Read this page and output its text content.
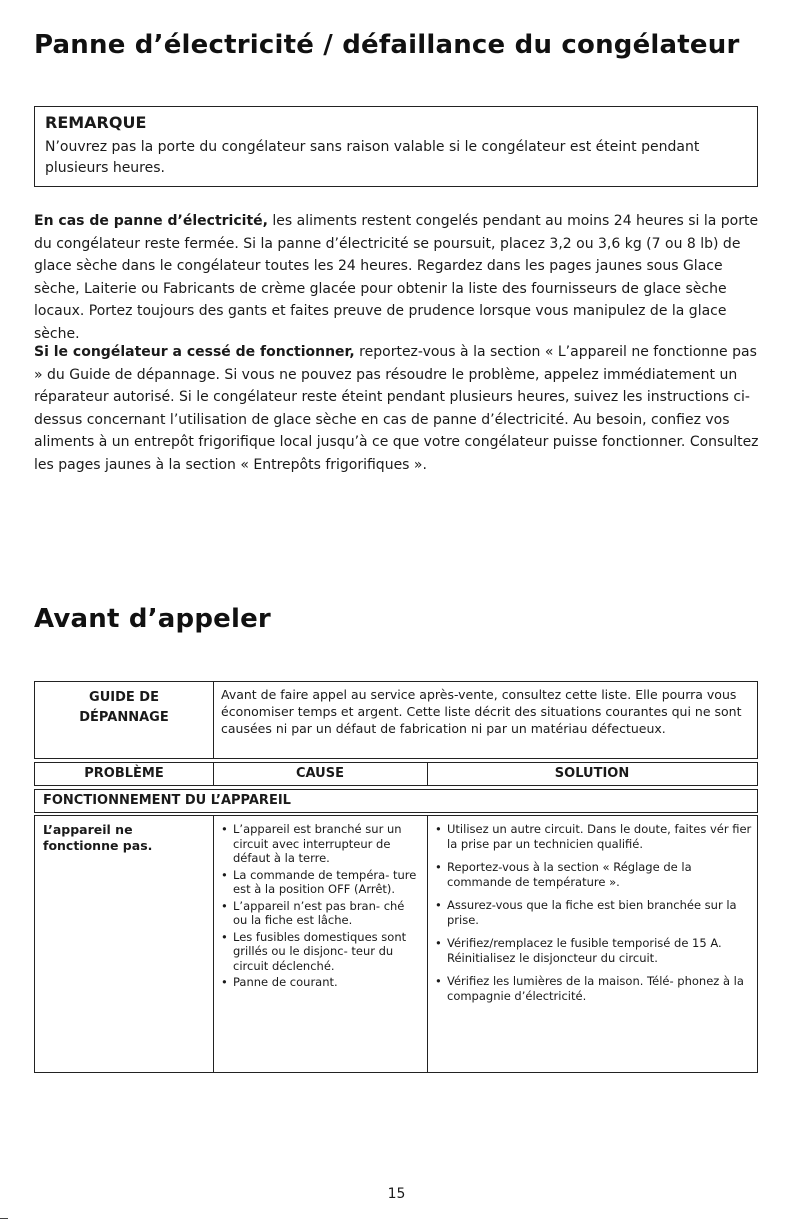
Panne d’électricité / défaillance du congélateur
REMARQUE
N’ouvrez pas la porte du congélateur sans raison valable si le congélateur est éteint pendant plusieurs heures.

En cas de panne d’électricité, les aliments restent congelés pendant au moins 24 heures si la porte du congélateur reste fermée. Si la panne d’électricité se poursuit, placez 3,2 ou 3,6 kg (7 ou 8 lb) de glace sèche dans le congélateur toutes les 24 heures. Regardez dans les pages jaunes sous Glace sèche, Laiterie ou Fabricants de crème glacée pour obtenir la liste des fournisseurs de glace sèche locaux. Portez toujours des gants et faites preuve de prudence lorsque vous manipulez de la glace sèche.

Si le congélateur a cessé de fonctionner, reportez-vous à la section « L’appareil ne fonctionne pas » du Guide de dépannage. Si vous ne pouvez pas résoudre le problème, appelez immédiatement un réparateur autorisé. Si le congélateur reste éteint pendant plusieurs heures, suivez les instructions ci-dessus concernant l’utilisation de glace sèche en cas de panne d’électricité. Au besoin, confiez vos aliments à un entrepôt frigorifique local jusqu’à ce que votre congélateur puisse fonctionner. Consultez les pages jaunes à la section « Entrepôts frigorifiques ».

Avant d’appeler
GUIDE DE
DÉPANNAGE
Avant de faire appel au service après-vente, consultez cette liste. Elle pourra vous économiser temps et argent. Cette liste décrit des situations courantes qui ne sont causées ni par un défaut de fabrication ni par un matériau défectueux.
PROBLÈME	CAUSE	SOLUTION
FONCTIONNEMENT DU L’APPAREIL
L’appareil ne fonctionne pas.
• L’appareil est branché sur un circuit avec interrupteur de défaut à la terre.
• La commande de tempéra- ture est à la position OFF (Arrêt).
• L’appareil n’est pas bran- ché ou la fiche est lâche.
• Les fusibles domestiques sont grillés ou le disjonc- teur du circuit déclenché.
• Panne de courant.
• Utilisez un autre circuit. Dans le doute, faites vér fier la prise par un technicien qualifié.
• Reportez-vous à la section « Réglage de la commande de température ».
• Assurez-vous que la fiche est bien branchée sur la prise.
• Vérifiez/remplacez le fusible temporisé de 15 A. Réinitialisez le disjoncteur du circuit.
• Vérifiez les lumières de la maison. Télé- phonez à la compagnie d’électricité.
15
